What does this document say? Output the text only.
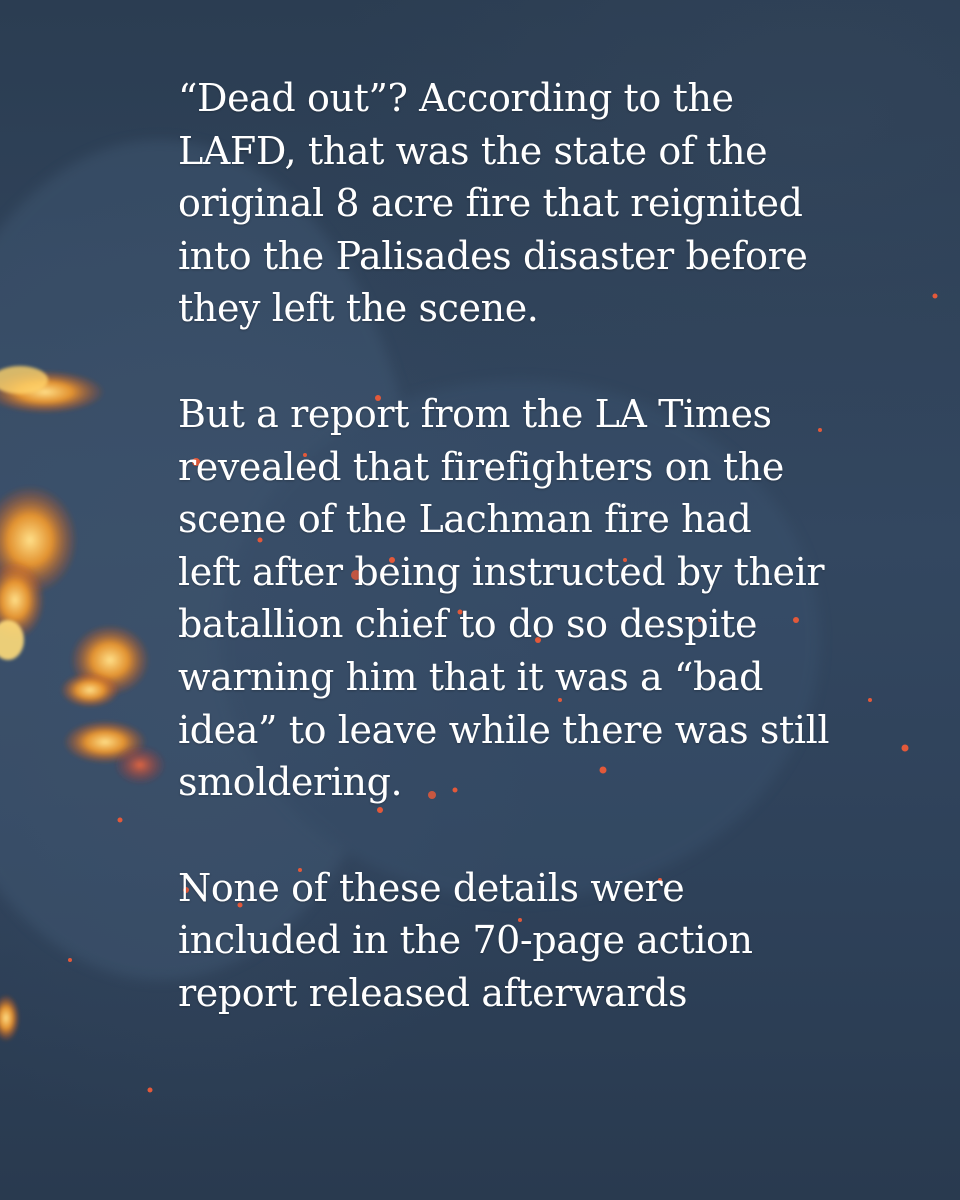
“Dead out”? According to the
LAFD, that was the state of the
original 8 acre fire that reignited
into the Palisades disaster before
they left the scene.

But a report from the LA Times
revealed that firefighters on the
scene of the Lachman fire had
left after being instructed by their
batallion chief to do so despite
warning him that it was a “bad
idea” to leave while there was still
smoldering.

None of these details were
included in the 70-page action
report released afterwards
